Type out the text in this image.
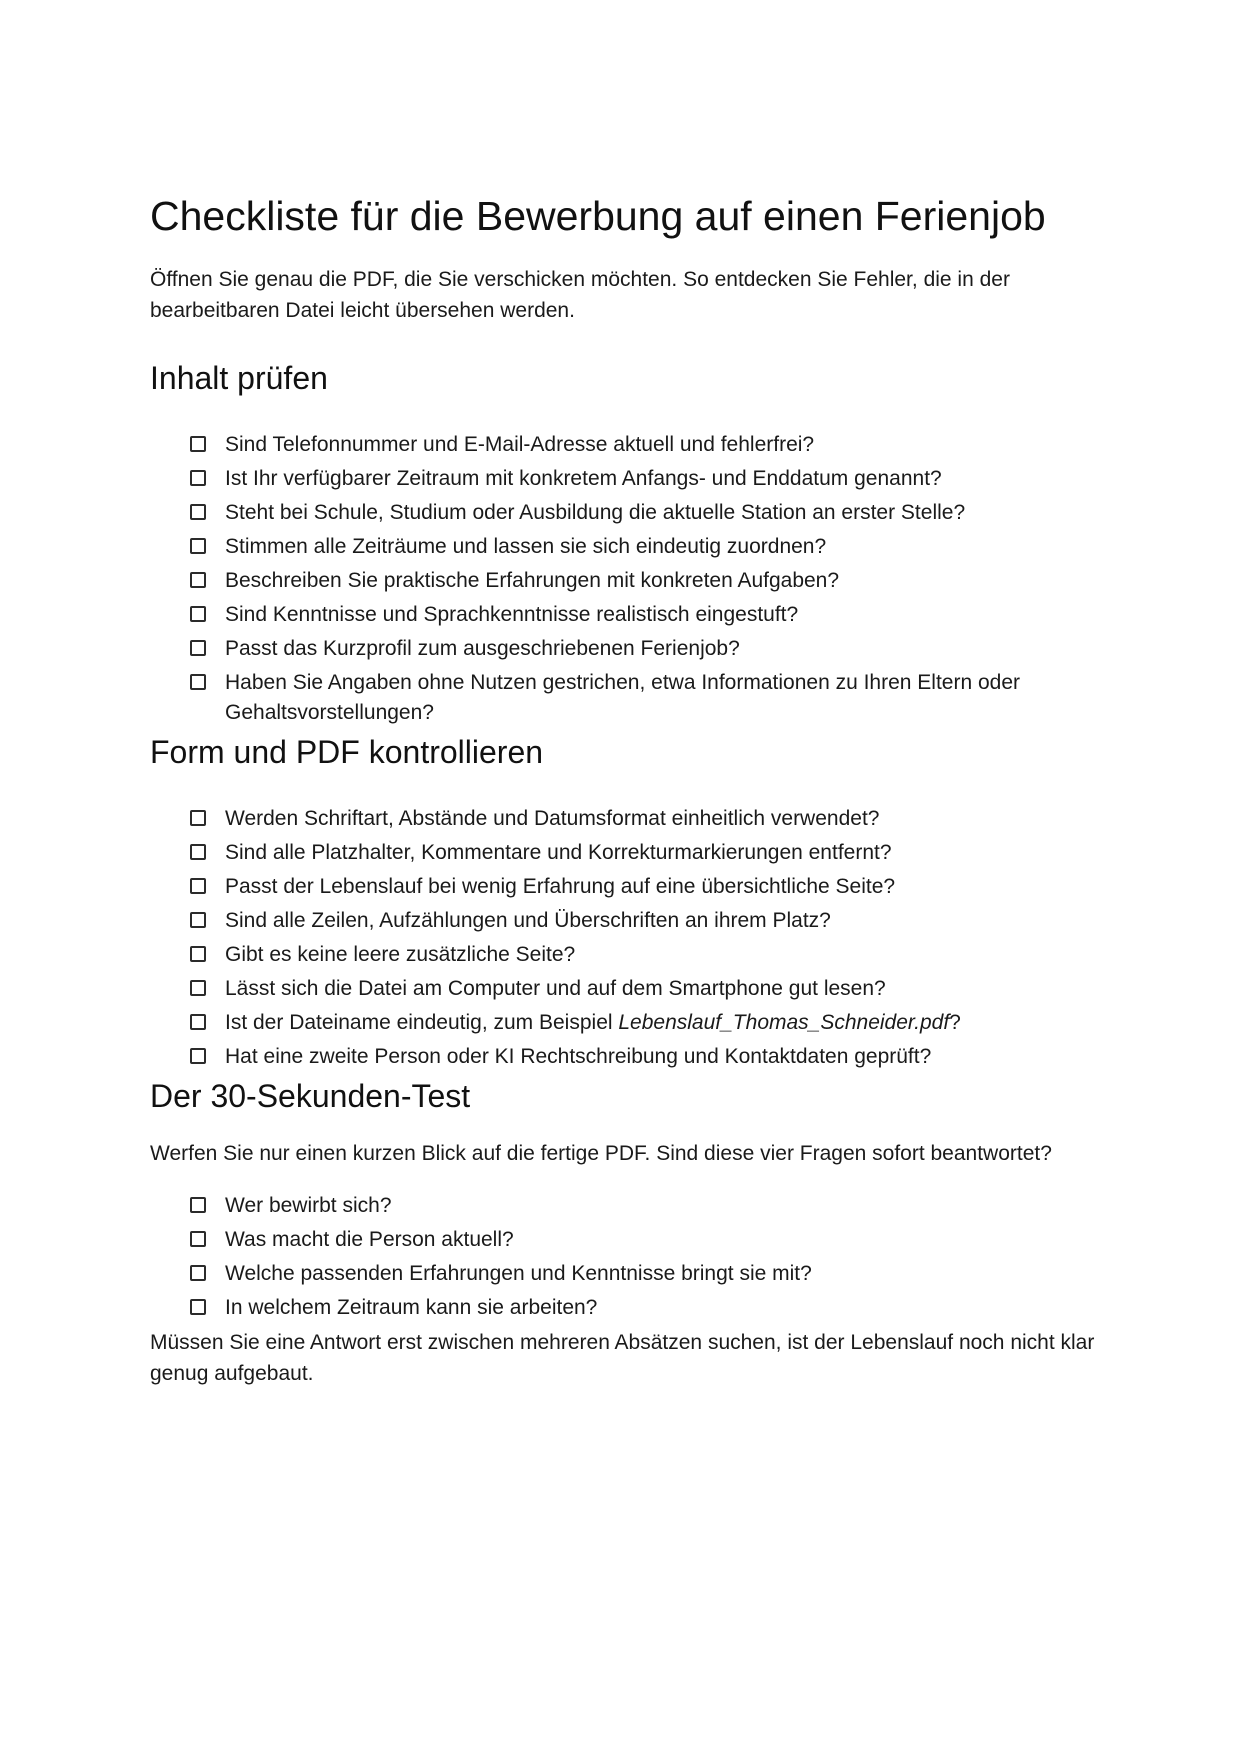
Checkliste für die Bewerbung auf einen Ferienjob

Öffnen Sie genau die PDF, die Sie verschicken möchten. So entdecken Sie Fehler, die in der bearbeitbaren Datei leicht übersehen werden.

Inhalt prüfen
Sind Telefonnummer und E-Mail-Adresse aktuell und fehlerfrei?
Ist Ihr verfügbarer Zeitraum mit konkretem Anfangs- und Enddatum genannt?
Steht bei Schule, Studium oder Ausbildung die aktuelle Station an erster Stelle?
Stimmen alle Zeiträume und lassen sie sich eindeutig zuordnen?
Beschreiben Sie praktische Erfahrungen mit konkreten Aufgaben?
Sind Kenntnisse und Sprachkenntnisse realistisch eingestuft?
Passt das Kurzprofil zum ausgeschriebenen Ferienjob?
Haben Sie Angaben ohne Nutzen gestrichen, etwa Informationen zu Ihren Eltern oder Gehaltsvorstellungen?
Form und PDF kontrollieren
Werden Schriftart, Abstände und Datumsformat einheitlich verwendet?
Sind alle Platzhalter, Kommentare und Korrekturmarkierungen entfernt?
Passt der Lebenslauf bei wenig Erfahrung auf eine übersichtliche Seite?
Sind alle Zeilen, Aufzählungen und Überschriften an ihrem Platz?
Gibt es keine leere zusätzliche Seite?
Lässt sich die Datei am Computer und auf dem Smartphone gut lesen?
Ist der Dateiname eindeutig, zum Beispiel Lebenslauf_Thomas_Schneider.pdf?
Hat eine zweite Person oder KI Rechtschreibung und Kontaktdaten geprüft?
Der 30-Sekunden-Test

Werfen Sie nur einen kurzen Blick auf die fertige PDF. Sind diese vier Fragen sofort beantwortet?

Wer bewirbt sich?
Was macht die Person aktuell?
Welche passenden Erfahrungen und Kenntnisse bringt sie mit?
In welchem Zeitraum kann sie arbeiten?

Müssen Sie eine Antwort erst zwischen mehreren Absätzen suchen, ist der Lebenslauf noch nicht klar genug aufgebaut.
